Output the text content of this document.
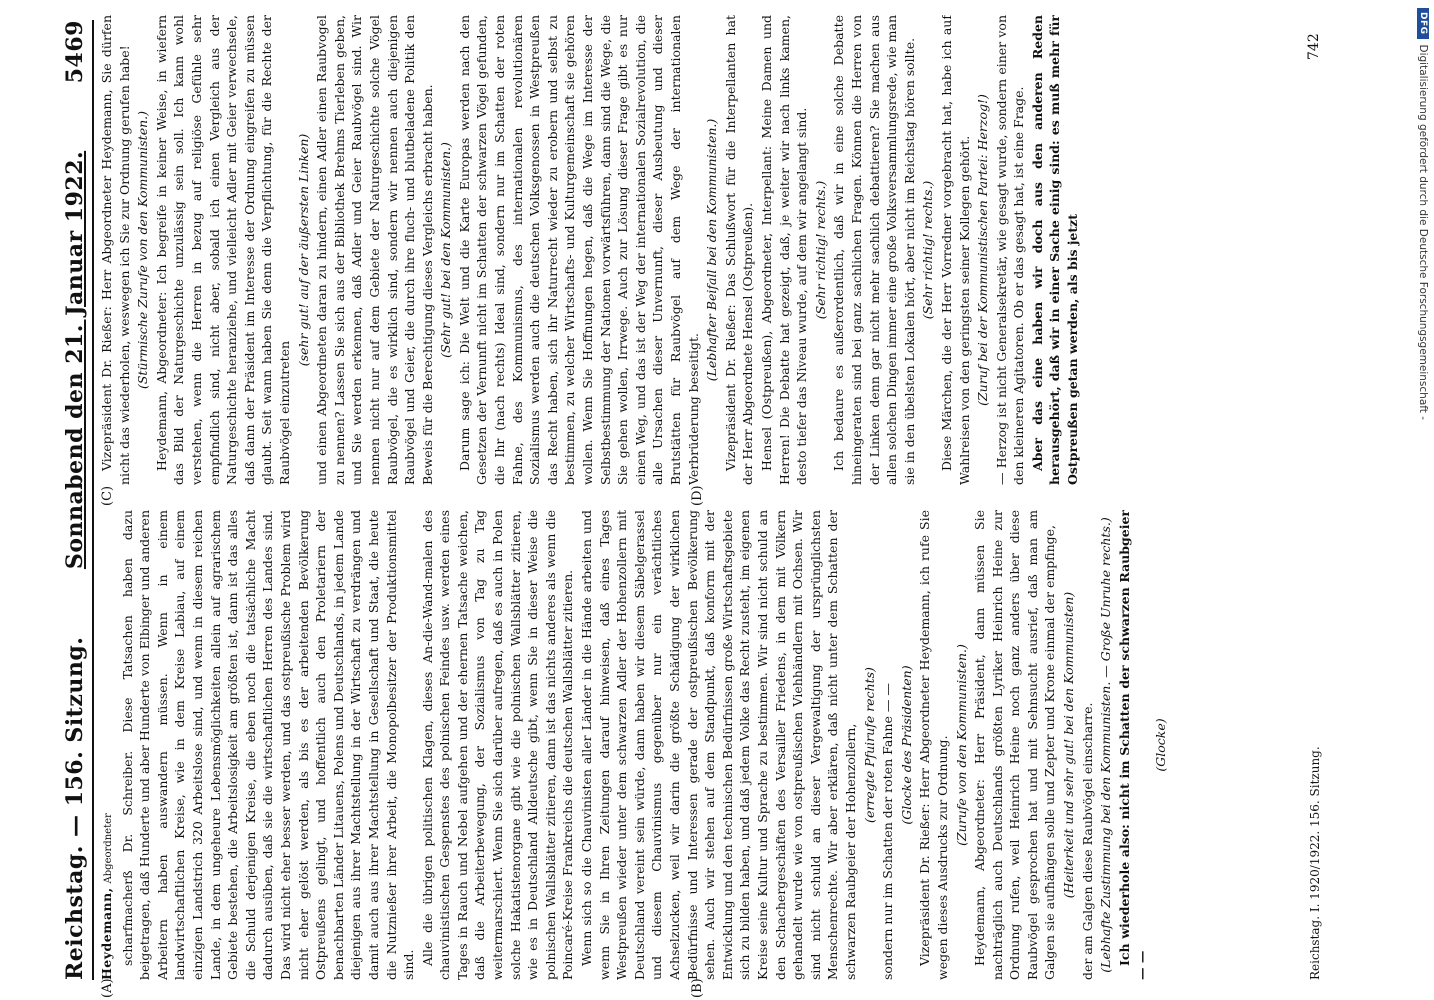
Reichstag. — 156. Sitzung.
Sonnabend den 21. Januar 1922.
5469
(A)	(B)
(C)	(D)

Heydemann, Abgeordneter scharfmacherß Dr. Schreiber. Diese Tatsachen haben dazu beigetragen, daß Hunderte und aber Hunderte von Elbinger und anderen Arbeitern haben auswandern müssen. Wenn in einem landwirtschaftlichen Kreise, wie in dem Kreise Labiau, auf einem einzigen Landstrich 320 Arbeitslose sind, und wenn in diesem reichen Lande, in dem ungeheure Lebensmöglichkeiten allein auf agrarischem Gebiete bestehen, die Arbeitslosigkeit am größten ist, dann ist das alles die Schuld derjenigen Kreise, die eben noch die tatsächliche Macht dadurch ausüben, daß sie die wirtschaftlichen Herren des Landes sind. Das wird nicht eher besser werden, und das ostpreußische Problem wird nicht eher gelöst werden, als bis es der arbeitenden Bevölkerung Ostpreußens gelingt, und hoffentlich auch den Proletariern der benachbarten Länder Litauens, Polens und Deutschlands, in jedem Lande diejenigen aus ihrer Machtstellung in der Wirtschaft zu verdrängen und damit auch aus ihrer Machtstellung in Gesellschaft und Staat, die heute die Nutznießer ihrer Arbeit, die Monopolbesitzer der Produktionsmittel sind. Alle die übrigen politischen Klagen, dieses An-die-Wand-malen des chauvinistischen Gespenstes des polnischen Feindes usw. werden eines Tages in Rauch und Nebel aufgehen und der ehernen Tatsache weichen, daß die Arbeiterbewegung, der Sozialismus von Tag zu Tag weitermarschiert. Wenn Sie sich darüber aufregen, daß es auch in Polen solche Hakatistenorgane gibt wie die polnischen Wallsblätter zitieren, wie es in Deutschland Alldeutsche gibt, wenn Sie in dieser Weise die polnischen Wallsblätter zitieren, dann ist das nichts anderes als wenn die Poincaré-Kreise Frankreichs die deutschen Wallsblätter zitieren. Wenn sich so die Chauvinisten aller Länder in die Hände arbeiten und wenn Sie in Ihren Zeitungen darauf hinweisen, daß eines Tages Westpreußen wieder unter dem schwarzen Adler der Hohenzollern mit Deutschland vereint sein würde, dann haben wir diesem Säbelgerassel und diesem Chauvinismus gegenüber nur ein verächtliches Achselzucken, weil wir darin die größte Schädigung der wirklichen Bedürfnisse und Interessen gerade der ostpreußischen Bevölkerung sehen. Auch wir stehen auf dem Standpunkt, daß konform mit der Entwicklung und den technischen Bedürfnissen große Wirtschaftsgebiete sich zu bilden haben, und daß jedem Volke das Recht zusteht, im eigenen Kreise seine Kultur und Sprache zu bestimmen. Wir sind nicht schuld an den Schachergeschäften des Versailler Friedens, in dem mit Völkern gehandelt wurde wie von ostpreußischen Viehhändlern mit Ochsen. Wir sind nicht schuld an dieser Vergewaltigung der ursprünglichsten Menschenrechte. Wir aber erklären, daß nicht unter dem Schatten der schwarzen Raubgeier der Hohenzollern, (erregte Pfuirufe rechts) sondern nur im Schatten der roten Fahne — — (Glocke des Präsidenten) Vizepräsident Dr. Rießer: Herr Abgeordneter Heydemann, ich rufe Sie wegen dieses Ausdrucks zur Ordnung. (Zurufe von den Kommunisten.) Heydemann, Abgeordneter: Herr Präsident, dann müssen Sie nachträglich auch Deutschlands größten Lyriker Heinrich Heine zur Ordnung rufen, weil Heinrich Heine noch ganz anders über diese Raubvögel gesprochen hat und mit Sehnsucht ausrief, daß man am Galgen sie aufhängen solle und Zepter und Krone einmal der empfinge, (Heiterkeit und sehr gut! bei den Kommunisten) der am Galgen diese Raubvögel einscharre. (Lebhafte Zustimmung bei den Kommunisten. — Große Unruhe rechts.) Ich wiederhole also: nicht im Schatten der schwarzen Raubgeier — —

(Glocke)

Vizepräsident Dr. Rießer: Herr Abgeordneter Heydemann, Sie dürfen nicht das wiederholen, weswegen ich Sie zur Ordnung gerufen habe! (Stürmische Zurufe von den Kommunisten.) Heydemann, Abgeordneter: Ich begreife in keiner Weise, in wiefern das Bild der Naturgeschichte unzulässig sein soll. Ich kann wohl verstehen, wenn die Herren in bezug auf religiöse Gefühle sehr empfindlich sind, nicht aber, sobald ich einen Vergleich aus der Naturgeschichte heranziehe, und vielleicht Adler mit Geier verwechsele, daß dann der Präsident im Interesse der Ordnung eingreifen zu müssen glaubt. Seit wann haben Sie denn die Verpflichtung, für die Rechte der Raubvögel einzutreten

(sehr gut! auf der äußersten Linken) und einen Abgeordneten daran zu hindern, einen Adler einen Raubvogel zu nennen? Lassen Sie sich aus der Bibliothek Brehms Tierleben geben, und Sie werden erkennen, daß Adler und Geier Raubvögel sind. Wir nennen nicht nur auf dem Gebiete der Naturgeschichte solche Vögel Raubvögel, die es wirklich sind, sondern wir nennen auch diejenigen Raubvögel und Geier, die durch ihre fluch- und blutbeladene Politik den Beweis für die Berechtigung dieses Vergleichs erbracht haben. (Sehr gut! bei den Kommunisten.) Darum sage ich: Die Welt und die Karte Europas werden nach den Gesetzen der Vernunft nicht im Schatten der schwarzen Vögel gefunden, die Ihr (nach rechts) Ideal sind, sondern nur im Schatten der roten Fahne, des Kommunismus, des internationalen revolutionären Sozialismus werden auch die deutschen Volksgenossen in Westpreußen das Recht haben, sich ihr Naturrecht wieder zu erobern und selbst zu bestimmen, zu welcher Wirtschafts- und Kulturgemeinschaft sie gehören wollen. Wenn Sie Hoffnungen hegen, daß die Wege im Interesse der Selbstbestimmung der Nationen vorwärtsführen, dann sind die Wege, die Sie gehen wollen, Irrwege. Auch zur Lösung dieser Frage gibt es nur einen Weg, und das ist der Weg der internationalen Sozialrevolution, die alle Ursachen dieser Unvernunft, dieser Ausbeutung und dieser Brutstätten für Raubvögel auf dem Wege der internationalen Verbrüderung beseitigt.

(Lebhafter Beifall bei den Kommunisten.) Vizepräsident Dr. Rießer: Das Schlußwort für die Interpellanten hat der Herr Abgeordnete Hensel (Ostpreußen). Hensel (Ostpreußen), Abgeordneter, Interpellant: Meine Damen und Herren! Die Debatte hat gezeigt, daß, je weiter wir nach links kamen, desto tiefer das Niveau wurde, auf dem wir angelangt sind. (Sehr richtig! rechts.) Ich bedaure es außerordentlich, daß wir in eine solche Debatte hineingeraten sind bei ganz sachlichen Fragen. Können die Herren von der Linken denn gar nicht mehr sachlich debattieren? Sie machen aus allen solchen Dingen immer eine große Volksversammlungsrede, wie man sie in den übelsten Lokalen hört, aber nicht im Reichstag hören sollte. (Sehr richtig! rechts.) Diese Märchen, die der Herr Vorredner vorgebracht hat, habe ich auf Wahlreisen von den geringsten seiner Kollegen gehört. (Zuruf bei der Kommunistischen Partei: Herzog!) — Herzog ist nicht Generalsekretär, wie gesagt wurde, sondern einer von den kleineren Agitatoren. Ob er das gesagt hat, ist eine Frage. Aber das eine haben wir doch aus den anderen Reden herausgehört, daß wir in einer Sache einig sind: es muß mehr für Ostpreußen getan werden, als bis jetzt

Reichstag. I. 1920/1922. 156. Sitzung.
742
DFG
Digitalisierung gefördert durch die Deutsche Forschungsgemeinschaft -
